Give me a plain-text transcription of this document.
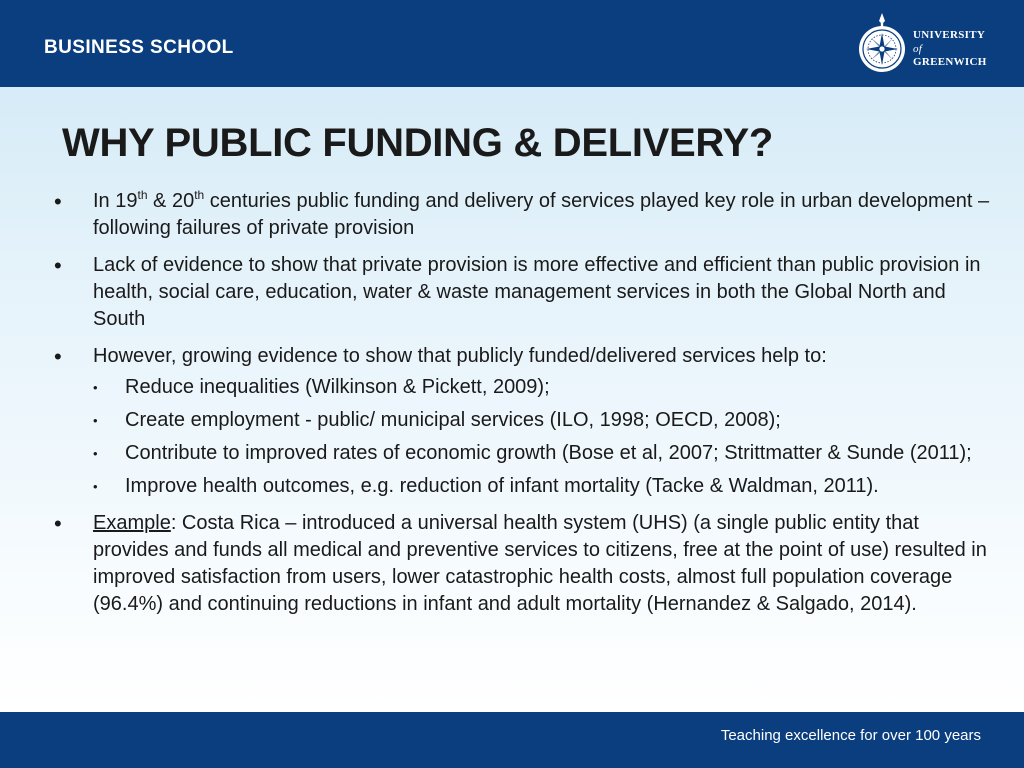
BUSINESS SCHOOL
UNIVERSITY
of
GREENWICH
WHY PUBLIC FUNDING & DELIVERY?
• In 19th & 20th centuries public funding and delivery of services played key role in urban development – following failures of private provision
• Lack of evidence to show that private provision is more effective and efficient than public provision in health, social care, education, water & waste management services in both the Global North and South
• However, growing evidence to show that publicly funded/delivered services help to:
• Reduce inequalities (Wilkinson & Pickett, 2009);
• Create employment - public/ municipal services (ILO, 1998; OECD, 2008);
• Contribute to improved rates of economic growth (Bose et al, 2007; Strittmatter & Sunde (2011);
• Improve health outcomes, e.g. reduction of infant mortality (Tacke & Waldman, 2011).
• Example: Costa Rica – introduced a universal health system (UHS) (a single public entity that provides and funds all medical and preventive services to citizens, free at the point of use) resulted in improved satisfaction from users, lower catastrophic health costs, almost full population coverage (96.4%) and continuing reductions in infant and adult mortality (Hernandez & Salgado, 2014).
Teaching excellence for over 100 years
